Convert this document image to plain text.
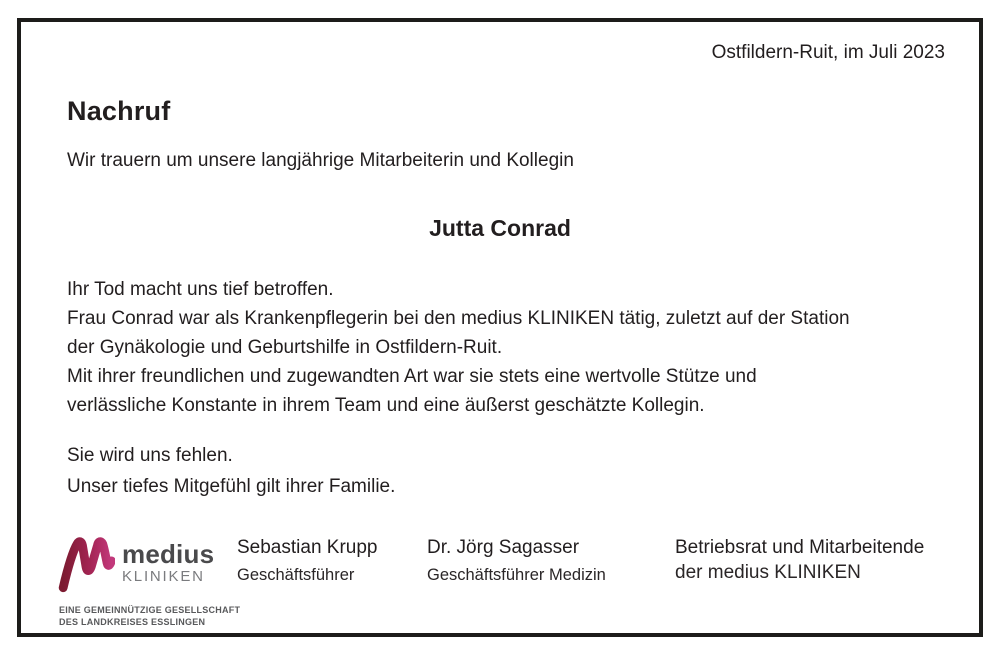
Ostfildern-Ruit, im Juli 2023
Nachruf
Wir trauern um unsere langjährige Mitarbeiterin und Kollegin
Jutta Conrad
Ihr Tod macht uns tief betroffen.
Frau Conrad war als Krankenpflegerin bei den medius KLINIKEN tätig, zuletzt auf der Station
der Gynäkologie und Geburtshilfe in Ostfildern-Ruit.
Mit ihrer freundlichen und zugewandten Art war sie stets eine wertvolle Stütze und
verlässliche Konstante in ihrem Team und eine äußerst geschätzte Kollegin.
Sie wird uns fehlen.
Unser tiefes Mitgefühl gilt ihrer Familie.
medius
KLINIKEN
EINE GEMEINNÜTZIGE GESELLSCHAFT
DES LANDKREISES ESSLINGEN
Sebastian Krupp
Geschäftsführer
Dr. Jörg Sagasser
Geschäftsführer Medizin
Betriebsrat und Mitarbeitende
der medius KLINIKEN
